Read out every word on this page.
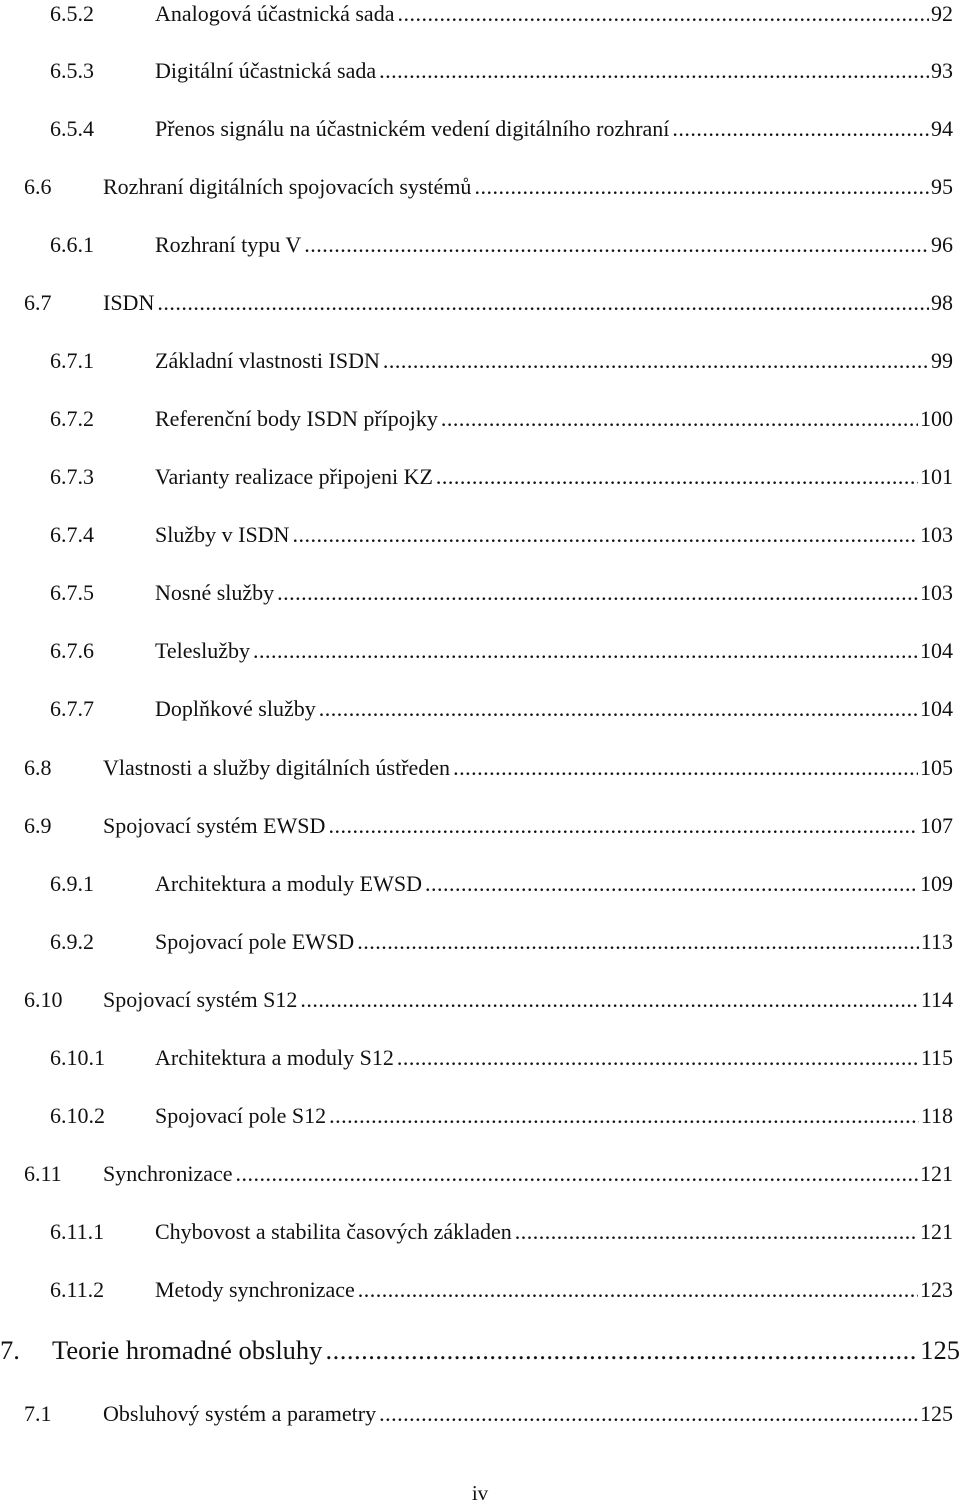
6.5.2	Analogová účastnická sada .....	92
6.5.3	Digitální účastnická sada .....	93
6.5.4	Přenos signálu na účastnickém vedení digitálního rozhraní .....	94
6.6	Rozhraní digitálních spojovacích systémů .....	95
6.6.1	Rozhraní typu V .....	96
6.7	ISDN .....	98
6.7.1	Základní vlastnosti ISDN .....	99
6.7.2	Referenční body ISDN přípojky .....	100
6.7.3	Varianty realizace připojeni KZ .....	101
6.7.4	Služby v ISDN .....	103
6.7.5	Nosné služby .....	103
6.7.6	Teleslužby .....	104
6.7.7	Doplňkové služby .....	104
6.8	Vlastnosti a služby digitálních ústředen .....	105
6.9	Spojovací systém EWSD .....	107
6.9.1	Architektura a moduly EWSD .....	109
6.9.2	Spojovací pole EWSD .....	113
6.10	Spojovací systém S12 .....	114
6.10.1	Architektura a moduly S12 .....	115
6.10.2	Spojovací pole S12 .....	118
6.11	Synchronizace .....	121
6.11.1	Chybovost a stabilita časových základen .....	121
6.11.2	Metody synchronizace .....	123
7.	Teorie hromadné obsluhy .....	125
7.1	Obsluhový systém a parametry .....	125
iv
